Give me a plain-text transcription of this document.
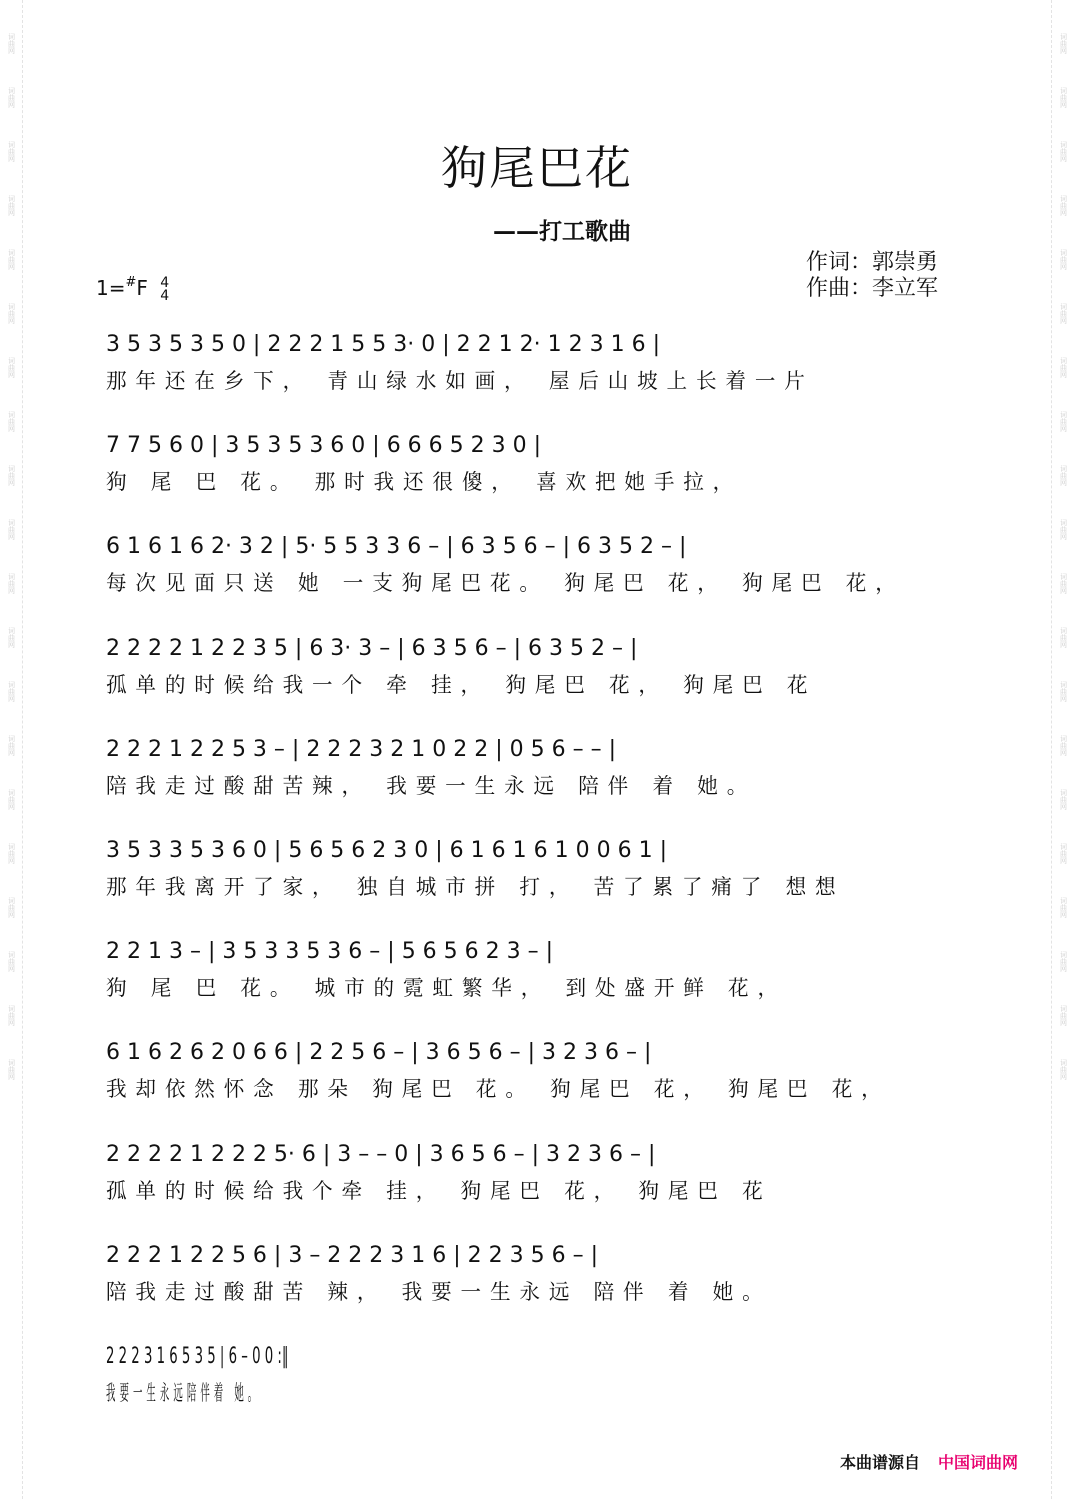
词曲网
词曲网
词曲网
词曲网
词曲网
词曲网
词曲网
词曲网
词曲网
词曲网
词曲网
词曲网
词曲网
词曲网
词曲网
词曲网
词曲网
词曲网
词曲网
词曲网
词曲网
词曲网
词曲网
词曲网
词曲网
词曲网
词曲网
词曲网
词曲网
词曲网
词曲网
词曲网
词曲网
词曲网
词曲网
词曲网
词曲网
词曲网
词曲网
词曲网
狗尾巴花
——打工歌曲
作词：郭崇勇
作曲：李立军
1=#F 4
4
3 5 3 5 3 5 0 | 2 2 2 1 5 5 3· 0 | 2 2 1 2· 1 2 3 1 6 |
那年还在乡下， 青山绿水如画， 屋后山坡上长着一片
7 7 5 6 0 | 3 5 3 5 3 6 0 | 6 6 6 5 2 3 0 |
狗 尾 巴 花。 那时我还很傻， 喜欢把她手拉，
6 1 6 1 6 2· 3 2 | 5· 5 5 3 3 6 – | 6 3 5 6 – | 6 3 5 2 – |
每次见面只送 她 一支狗尾巴花。 狗尾巴 花， 狗尾巴 花，
2 2 2 2 1 2 2 3 5 | 6 3· 3 – | 6 3 5 6 – | 6 3 5 2 – |
孤单的时候给我一个 牵 挂， 狗尾巴 花， 狗尾巴 花
2 2 2 1 2 2 5 3 – | 2 2 2 3 2 1 0 2 2 | 0 5 6 – – |
陪我走过酸甜苦辣， 我要一生永远 陪伴 着 她。
3 5 3 3 5 3 6 0 | 5 6 5 6 2 3 0 | 6 1 6 1 6 1 0 0 6 1 |
那年我离开了家， 独自城市拼 打， 苦了累了痛了 想想
2 2 1 3 – | 3 5 3 3 5 3 6 – | 5 6 5 6 2 3 – |
狗 尾 巴 花。 城市的霓虹繁华， 到处盛开鲜 花，
6 1 6 2 6 2 0 6 6 | 2 2 5 6 – | 3 6 5 6 – | 3 2 3 6 – |
我却依然怀念 那朵 狗尾巴 花。 狗尾巴 花， 狗尾巴 花，
2 2 2 2 1 2 2 2 5· 6 | 3 – – 0 | 3 6 5 6 – | 3 2 3 6 – |
孤单的时候给我个牵 挂， 狗尾巴 花， 狗尾巴 花
2 2 2 1 2 2 5 6 | 3 – 2 2 2 3 1 6 | 2 2 3 5 6 – |
陪我走过酸甜苦 辣， 我要一生永远 陪伴 着 她。
2 2 2 3 1 6 5 3 5 | 6 – 0 0 :‖
我要一生永远陪伴着 她。
本曲谱源自 中国词曲网
